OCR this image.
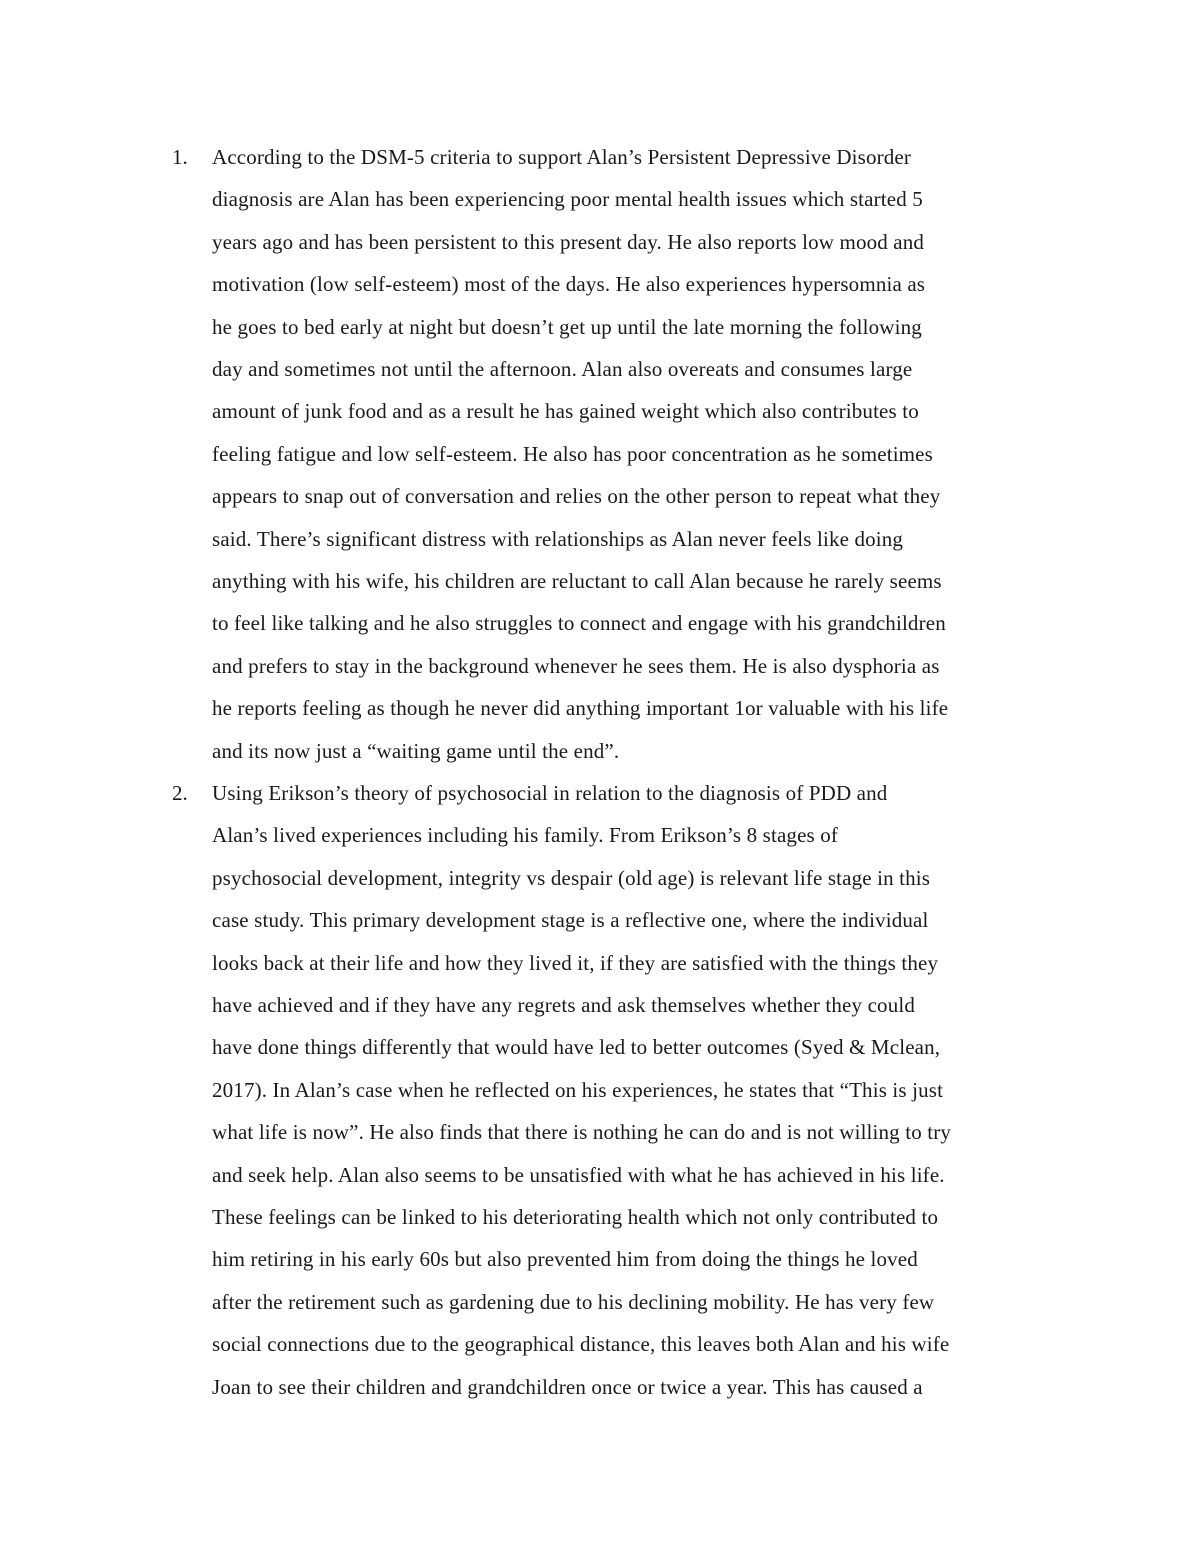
1. According to the DSM-5 criteria to support Alan’s Persistent Depressive Disorder
diagnosis are Alan has been experiencing poor mental health issues which started 5
years ago and has been persistent to this present day. He also reports low mood and
motivation (low self-esteem) most of the days. He also experiences hypersomnia as
he goes to bed early at night but doesn’t get up until the late morning the following
day and sometimes not until the afternoon. Alan also overeats and consumes large
amount of junk food and as a result he has gained weight which also contributes to
feeling fatigue and low self-esteem. He also has poor concentration as he sometimes
appears to snap out of conversation and relies on the other person to repeat what they
said. There’s significant distress with relationships as Alan never feels like doing
anything with his wife, his children are reluctant to call Alan because he rarely seems
to feel like talking and he also struggles to connect and engage with his grandchildren
and prefers to stay in the background whenever he sees them. He is also dysphoria as
he reports feeling as though he never did anything important 1or valuable with his life
and its now just a “waiting game until the end”.
2. Using Erikson’s theory of psychosocial in relation to the diagnosis of PDD and
Alan’s lived experiences including his family. From Erikson’s 8 stages of
psychosocial development, integrity vs despair (old age) is relevant life stage in this
case study. This primary development stage is a reflective one, where the individual
looks back at their life and how they lived it, if they are satisfied with the things they
have achieved and if they have any regrets and ask themselves whether they could
have done things differently that would have led to better outcomes (Syed & Mclean,
2017). In Alan’s case when he reflected on his experiences, he states that “This is just
what life is now”. He also finds that there is nothing he can do and is not willing to try
and seek help. Alan also seems to be unsatisfied with what he has achieved in his life.
These feelings can be linked to his deteriorating health which not only contributed to
him retiring in his early 60s but also prevented him from doing the things he loved
after the retirement such as gardening due to his declining mobility. He has very few
social connections due to the geographical distance, this leaves both Alan and his wife
Joan to see their children and grandchildren once or twice a year. This has caused a
